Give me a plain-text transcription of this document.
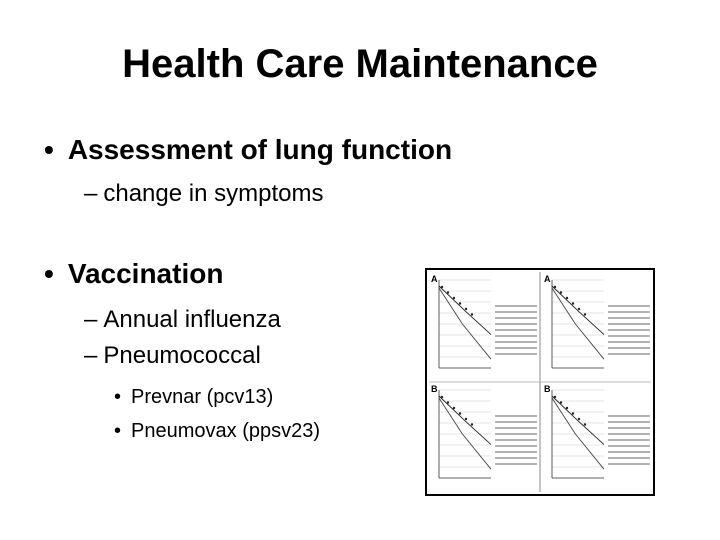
Health Care Maintenance
• Assessment of lung function
– change in symptoms
• Vaccination
– Annual influenza
– Pneumococcal
• Prevnar (pcv13)
• Pneumovax (ppsv23)
A	A
B	B
